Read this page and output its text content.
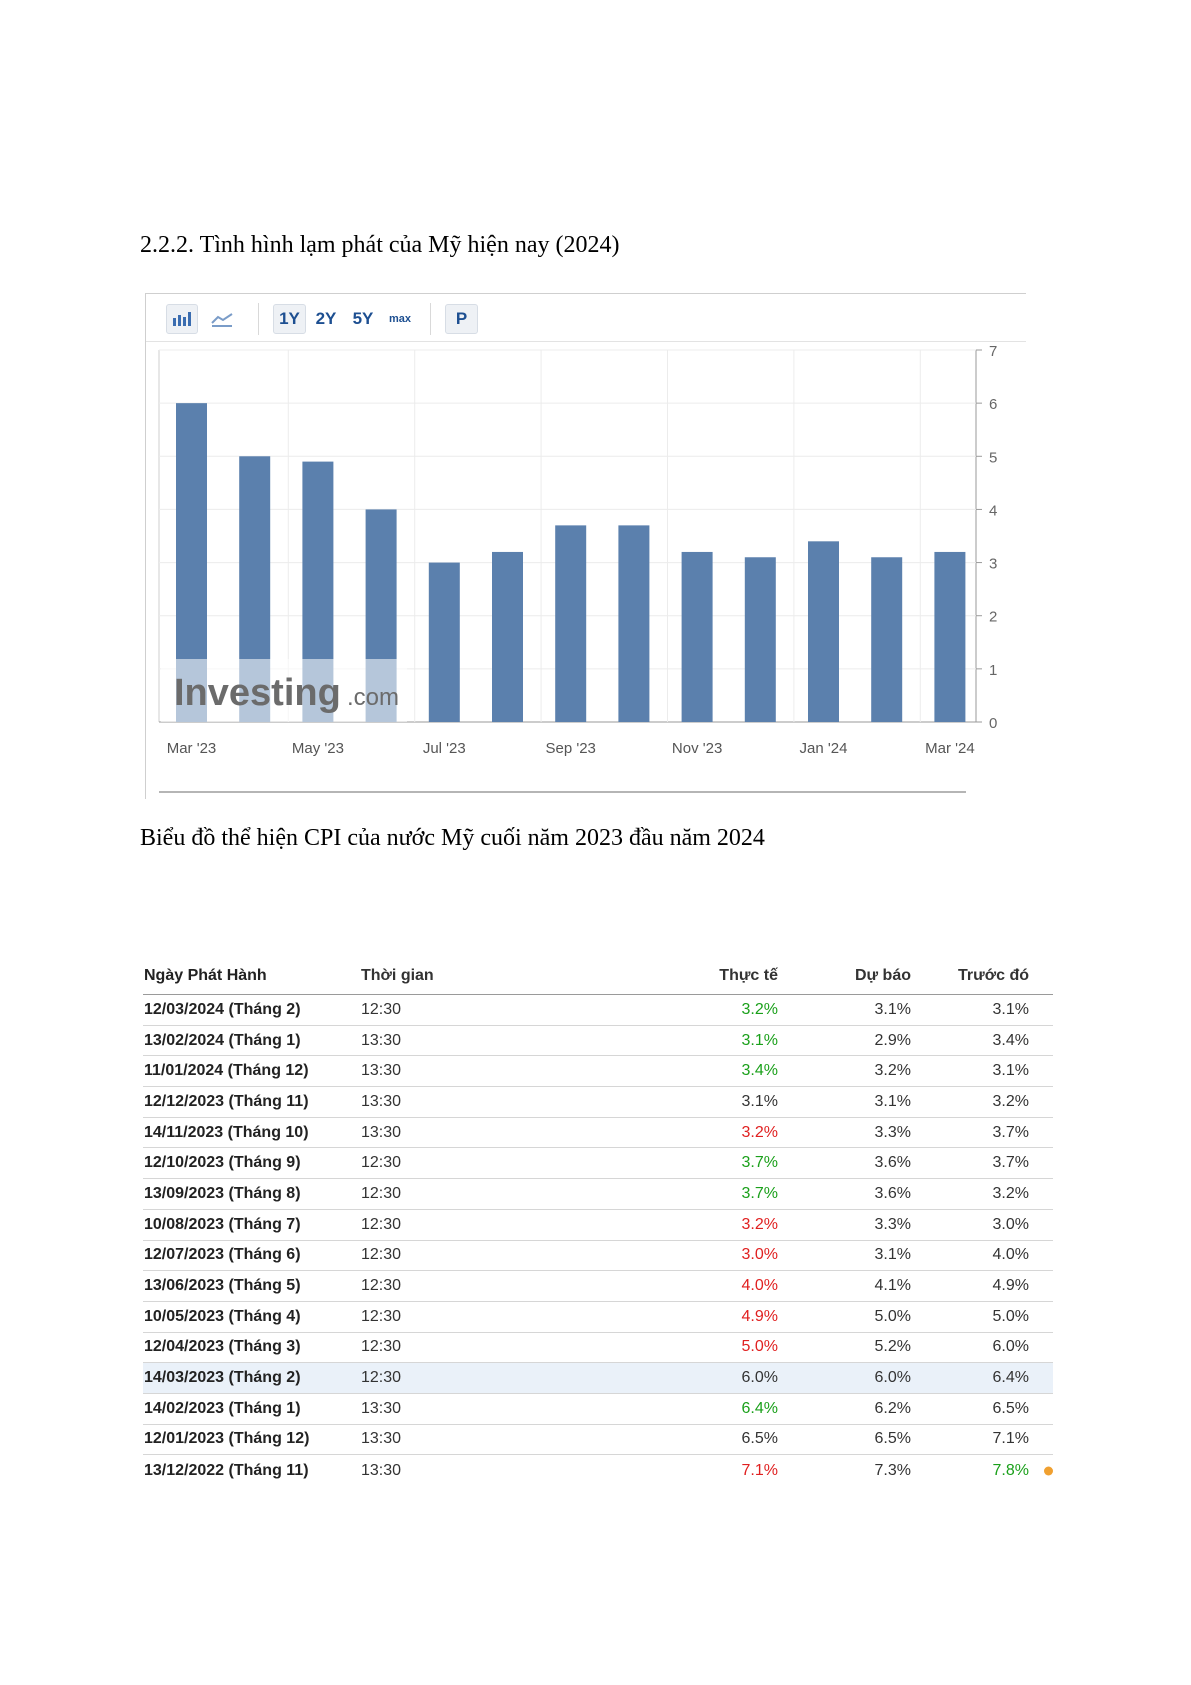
2.2.2. Tình hình lạm phát của Mỹ hiện nay (2024)
1Y 2Y 5Y	max	P
0
1
2
3
4
5
6
7
Mar '23	May '23	Jul '23	Sep '23	Nov '23	Jan '24	Mar '24
Investing .com
Biểu đồ thể hiện CPI của nước Mỹ cuối năm 2023 đầu năm 2024
Ngày Phát Hành	Thời gian	Thực tế	Dự báo	Trước đó
12/03/2024 (Tháng 2)	12:30	3.2%	3.1%	3.1%
13/02/2024 (Tháng 1)	13:30	3.1%	2.9%	3.4%
11/01/2024 (Tháng 12)	13:30	3.4%	3.2%	3.1%
12/12/2023 (Tháng 11)	13:30	3.1%	3.1%	3.2%
14/11/2023 (Tháng 10)	13:30	3.2%	3.3%	3.7%
12/10/2023 (Tháng 9)	12:30	3.7%	3.6%	3.7%
13/09/2023 (Tháng 8)	12:30	3.7%	3.6%	3.2%
10/08/2023 (Tháng 7)	12:30	3.2%	3.3%	3.0%
12/07/2023 (Tháng 6)	12:30	3.0%	3.1%	4.0%
13/06/2023 (Tháng 5)	12:30	4.0%	4.1%	4.9%
10/05/2023 (Tháng 4)	12:30	4.9%	5.0%	5.0%
12/04/2023 (Tháng 3)	12:30	5.0%	5.2%	6.0%
14/03/2023 (Tháng 2)	12:30	6.0%	6.0%	6.4%
14/02/2023 (Tháng 1)	13:30	6.4%	6.2%	6.5%
12/01/2023 (Tháng 12)	13:30	6.5%	6.5%	7.1%
13/12/2022 (Tháng 11)	13:30	7.1%	7.3%	7.8%
